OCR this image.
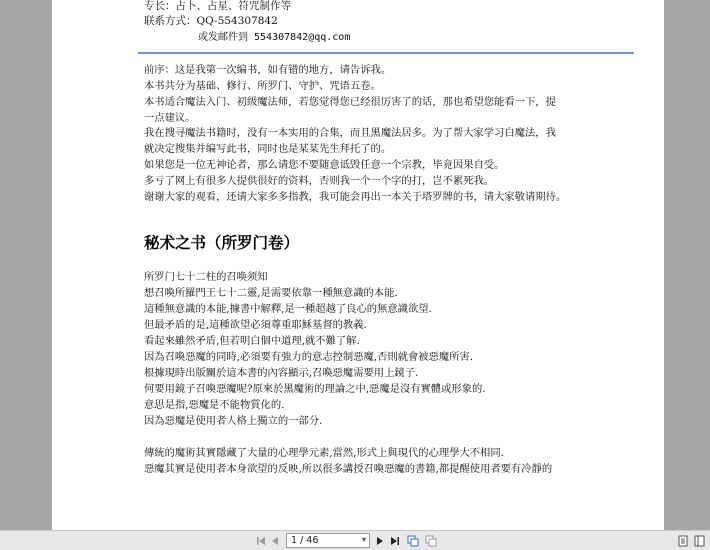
专长：占卜、占星、符咒制作等
联系方式：QQ-554307842
或发邮件到 554307842@qq.com
前序：这是我第一次编书，如有错的地方，请告诉我。
本书共分为基础、修行、所罗门、守护、咒语五卷。
本书适合魔法入门、初级魔法师，若您觉得您已经很厉害了的话，那也希望您能看一下，提
一点建议。
我在搜寻魔法书籍时，没有一本实用的合集，而且黑魔法居多。为了帮大家学习白魔法，我
就决定搜集并编写此书，同时也是某某先生拜托了的。
如果您是一位无神论者，那么请您不要随意诋毁任意一个宗教，毕竟因果自受。
多亏了网上有很多人提供很好的资料，否则我一个一个字的打，岂不累死我。
谢谢大家的观看，还请大家多多指教，我可能会再出一本关于塔罗牌的书，请大家敬请期待。
秘术之书（所罗门卷）
所罗门七十二柱的召唤须知
想召喚所羅門王七十二靈,是需要依靠一種無意識的本能.
這種無意識的本能,據書中解釋,是一種超越了良心的無意識欲望.
但最矛盾的是,這種欲望必須尊重耶穌基督的教義.
看起來雖然矛盾,但若明白個中道理,就不難了解.
因為召喚惡魔的同時,必須要有強力的意志控制惡魔,否則就會被惡魔所害.
根據現時出版關於這本書的內容顯示,召喚惡魔需要用上鏡子.
何要用鏡子召喚惡魔呢?原來於黑魔術的理論之中,惡魔是沒有實體或形象的.
意思是指,惡魔是不能物質化的.
因為惡魔是使用者人格上獨立的一部分.
傳統的魔術其實隱藏了大量的心理學元素,當然,形式上與現代的心理學大不相同.
惡魔其實是使用者本身欲望的反映,所以很多講授召喚惡魔的書籍,都提醒使用者要有冷靜的
1 / 46	▾
